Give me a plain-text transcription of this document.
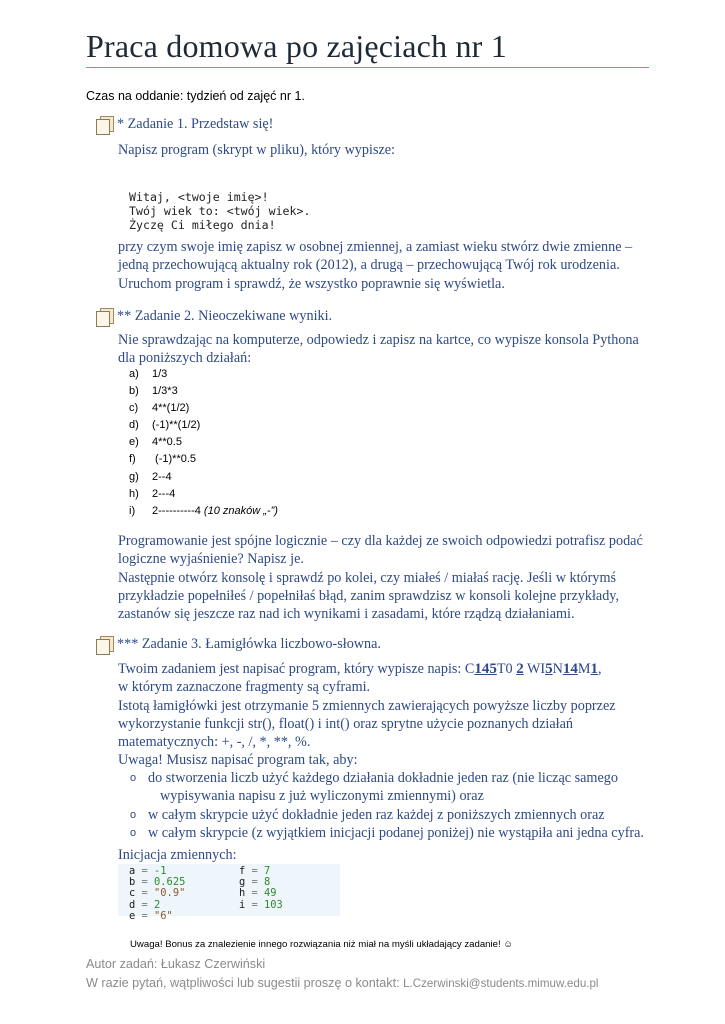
Praca domowa po zajęciach nr 1
Czas na oddanie: tydzień od zajęć nr 1.
* Zadanie 1. Przedstaw się!
Napisz program (skrypt w pliku), który wypisze:

Witaj, <twoje imię>!
Twój wiek to: <twój wiek>.
Życzę Ci miłego dnia!
przy czym swoje imię zapisz w osobnej zmiennej, a zamiast wieku stwórz dwie zmienne –
jedną przechowującą aktualny rok (2012), a drugą – przechowującą Twój rok urodzenia.
Uruchom program i sprawdź, że wszystko poprawnie się wyświetla.
** Zadanie 2. Nieoczekiwane wyniki.
Nie sprawdzając na komputerze, odpowiedz i zapisz na kartce, co wypisze konsola Pythona
dla poniższych działań:
a) 1/3
b) 1/3*3
c) 4**(1/2)
d) (-1)**(1/2)
e) 4**0.5
f) (-1)**0.5
g) 2--4
h) 2---4
i) 2----------4 (10 znaków „-”)
Programowanie jest spójne logicznie – czy dla każdej ze swoich odpowiedzi potrafisz podać
logiczne wyjaśnienie? Napisz je.
Następnie otwórz konsolę i sprawdź po kolei, czy miałeś / miałaś rację. Jeśli w którymś
przykładzie popełniłeś / popełniłaś błąd, zanim sprawdzisz w konsoli kolejne przykłady,
zastanów się jeszcze raz nad ich wynikami i zasadami, które rządzą działaniami.
*** Zadanie 3. Łamigłówka liczbowo-słowna.
Twoim zadaniem jest napisać program, który wypisze napis: C145T0 2 WI5N14M1,
w którym zaznaczone fragmenty są cyframi.
Istotą łamigłówki jest otrzymanie 5 zmiennych zawierających powyższe liczby poprzez
wykorzystanie funkcji str(), float() i int() oraz sprytne użycie poznanych działań
matematycznych: +, -, /, *, **, %.
Uwaga! Musisz napisać program tak, aby:
o do stworzenia liczb użyć każdego działania dokładnie jeden raz (nie licząc samego
wypisywania napisu z już wyliczonymi zmiennymi) oraz
o w całym skrypcie użyć dokładnie jeden raz każdej z poniższych zmiennych oraz
o w całym skrypcie (z wyjątkiem inicjacji podanej poniżej) nie wystąpiła ani jedna cyfra.
Inicjacja zmiennych:
a = -1
b = 0.625
c = "0.9"
d = 2
e = "6"
f = 7
g = 8
h = 49
i = 103
Uwaga! Bonus za znalezienie innego rozwiązania niż miał na myśli układający zadanie! ☺
Autor zadań: Łukasz Czerwiński
W razie pytań, wątpliwości lub sugestii proszę o kontakt: L.Czerwinski@students.mimuw.edu.pl
